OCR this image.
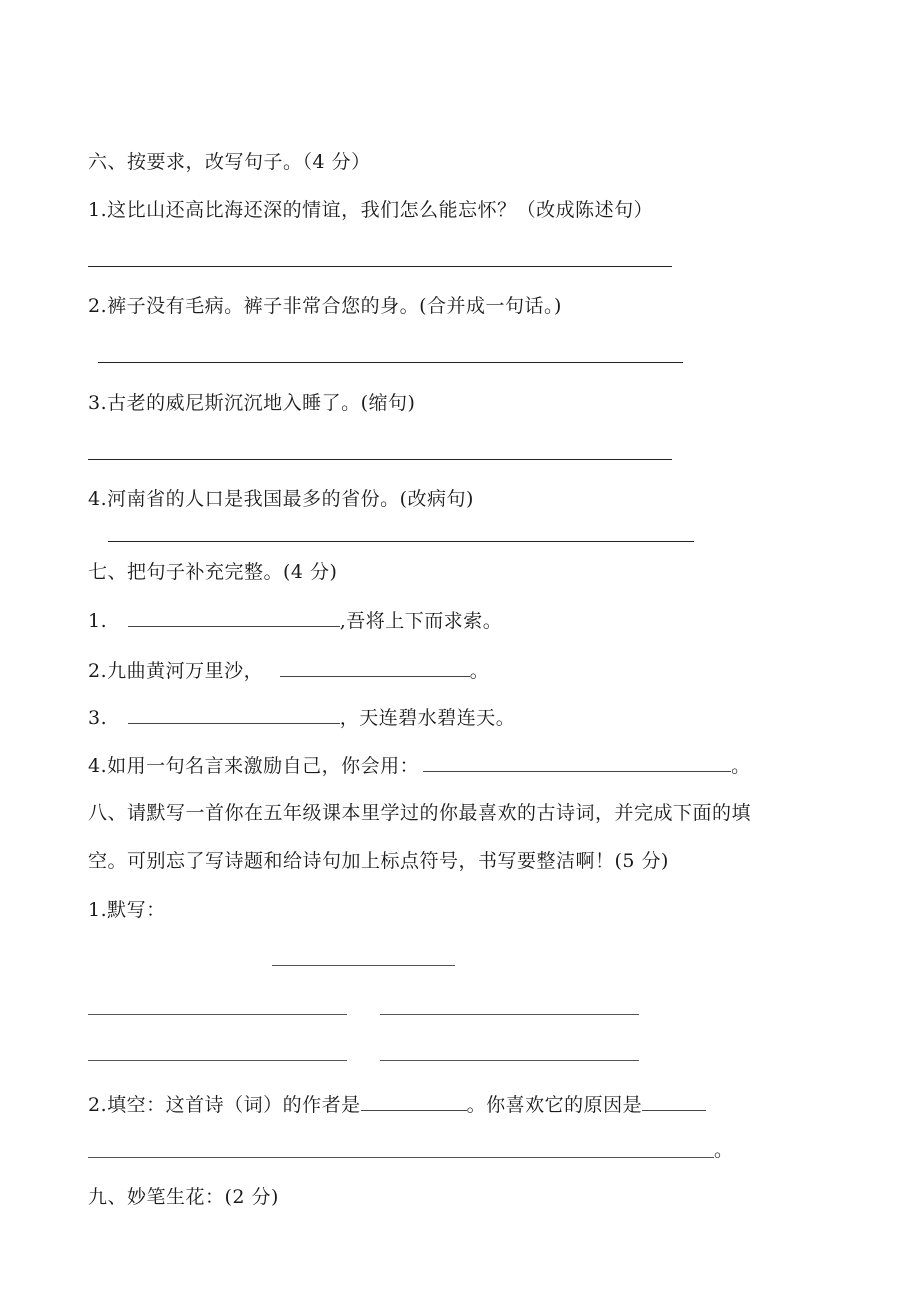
六、按要求，改写句子。（4 分）
1.这比山还高比海还深的情谊，我们怎么能忘怀？（改成陈述句）
2.裤子没有毛病。裤子非常合您的身。(合并成一句话。)
3.古老的威尼斯沉沉地入睡了。(缩句)
4.河南省的人口是我国最多的省份。(改病句)
七、把句子补充完整。(4 分)
1.	,吾将上下而求索。
2.九曲黄河万里沙，	。
3.	，天连碧水碧连天。
4.如用一句名言来激励自己，你会用：	。
八、请默写一首你在五年级课本里学过的你最喜欢的古诗词，并完成下面的填
空。可别忘了写诗题和给诗句加上标点符号，书写要整洁啊！(5 分)
1.默写：
2.填空：这首诗（词）的作者是	。你喜欢它的原因是
。
九、妙笔生花：(2 分)
